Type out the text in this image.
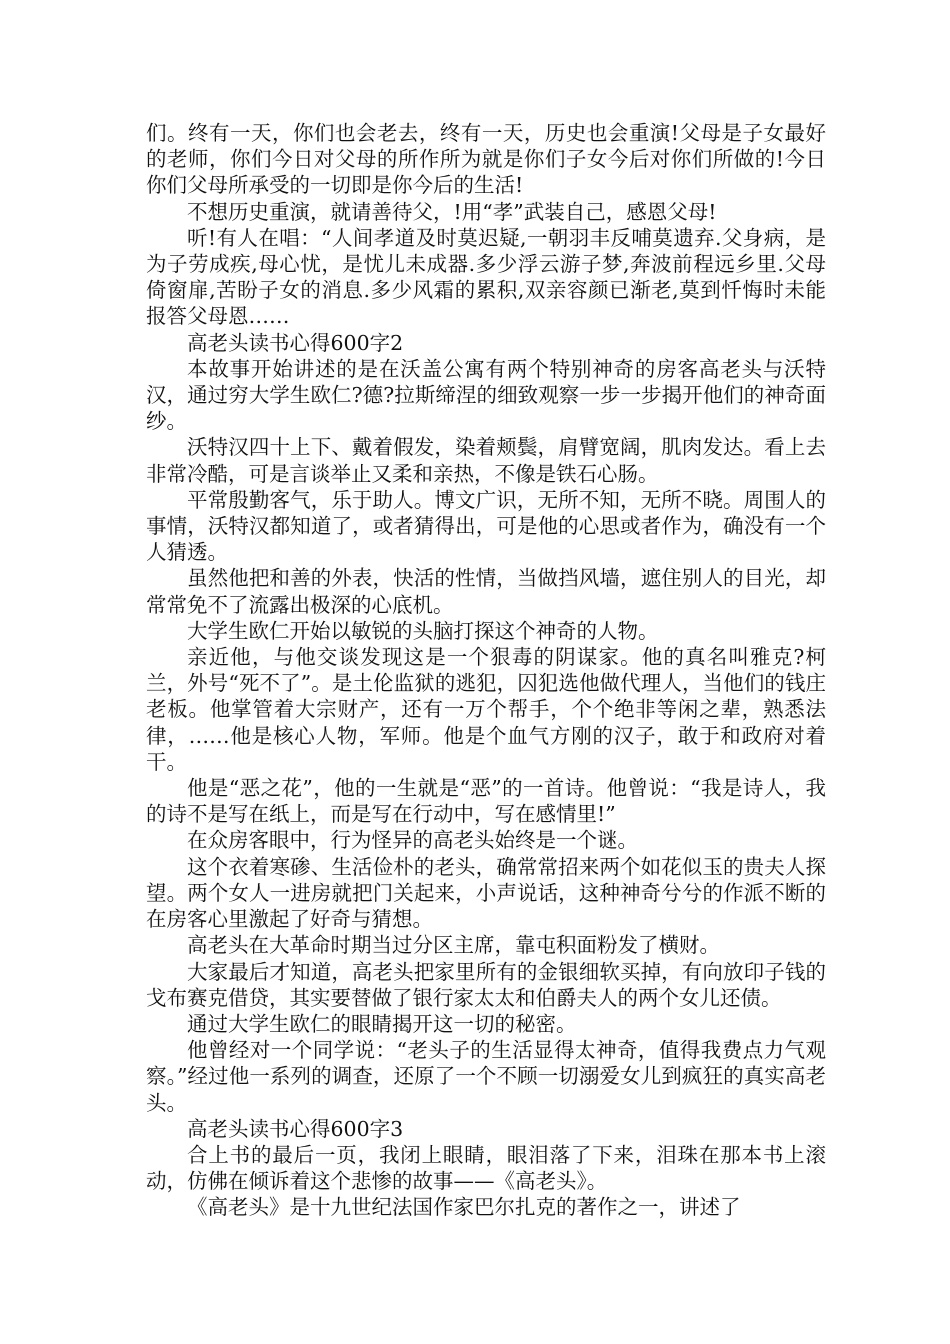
们。终有一天，你们也会老去，终有一天，历史也会重演!父母是子女最好的老师，你们今日对父母的所作所为就是你们子女今后对你们所做的!今日你们父母所承受的一切即是你今后的生活!

不想历史重演，就请善待父，!用“孝”武装自己，感恩父母!

听!有人在唱：“人间孝道及时莫迟疑,一朝羽丰反哺莫遗弃.父身病，是为子劳成疾,母心忧，是忧儿未成器.多少浮云游子梦,奔波前程远乡里.父母倚窗扉,苦盼子女的消息.多少风霜的累积,双亲容颜已渐老,莫到忏悔时未能报答父母恩……

高老头读书心得600字2

本故事开始讲述的是在沃盖公寓有两个特别神奇的房客高老头与沃特汉，通过穷大学生欧仁?德?拉斯缔涅的细致观察一步一步揭开他们的神奇面纱。

沃特汉四十上下、戴着假发，染着颊鬓，肩臂宽阔，肌肉发达。看上去非常冷酷，可是言谈举止又柔和亲热，不像是铁石心肠。

平常殷勤客气，乐于助人。博文广识，无所不知，无所不晓。周围人的事情，沃特汉都知道了，或者猜得出，可是他的心思或者作为，确没有一个人猜透。

虽然他把和善的外表，快活的性情，当做挡风墙，遮住别人的目光，却常常免不了流露出极深的心底机。

大学生欧仁开始以敏锐的头脑打探这个神奇的人物。

亲近他，与他交谈发现这是一个狠毒的阴谋家。他的真名叫雅克?柯兰，外号“死不了”。是土伦监狱的逃犯，囚犯选他做代理人，当他们的钱庄老板。他掌管着大宗财产，还有一万个帮手，个个绝非等闲之辈，熟悉法律，……他是核心人物，军师。他是个血气方刚的汉子，敢于和政府对着干。

他是“恶之花”，他的一生就是“恶”的一首诗。他曾说：“我是诗人，我的诗不是写在纸上，而是写在行动中，写在感情里!”

在众房客眼中，行为怪异的高老头始终是一个谜。

这个衣着寒碜、生活俭朴的老头，确常常招来两个如花似玉的贵夫人探望。两个女人一进房就把门关起来，小声说话，这种神奇兮兮的作派不断的在房客心里激起了好奇与猜想。

高老头在大革命时期当过分区主席，靠屯积面粉发了横财。

大家最后才知道，高老头把家里所有的金银细软买掉，有向放印子钱的戈布赛克借贷，其实要替做了银行家太太和伯爵夫人的两个女儿还债。

通过大学生欧仁的眼睛揭开这一切的秘密。

他曾经对一个同学说：“老头子的生活显得太神奇，值得我费点力气观察。”经过他一系列的调查，还原了一个不顾一切溺爱女儿到疯狂的真实高老头。

高老头读书心得600字3

合上书的最后一页，我闭上眼睛，眼泪落了下来，泪珠在那本书上滚动，仿佛在倾诉着这个悲惨的故事——《高老头》。

《高老头》是十九世纪法国作家巴尔扎克的著作之一，讲述了
